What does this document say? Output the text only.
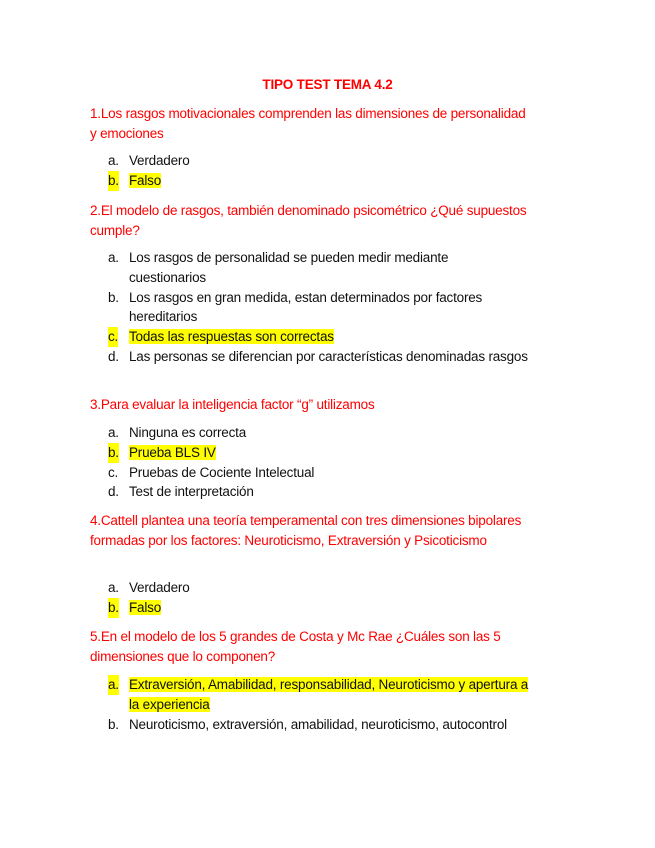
TIPO TEST TEMA 4.2
1.Los rasgos motivacionales comprenden las dimensiones de personalidad y emociones
a. Verdadero
b. Falso
2.El modelo de rasgos, también denominado psicométrico ¿Qué supuestos cumple?
a. Los rasgos de personalidad se pueden medir mediante cuestionarios
b. Los rasgos en gran medida, estan determinados por factores hereditarios
c. Todas las respuestas son correctas
d. Las personas se diferencian por características denominadas rasgos
3.Para evaluar la inteligencia factor “g” utilizamos
a. Ninguna es correcta
b. Prueba BLS IV
c. Pruebas de Cociente Intelectual
d. Test de interpretación
4.Cattell plantea una teoría temperamental con tres dimensiones bipolares formadas por los factores: Neuroticismo, Extraversión y Psicoticismo
a. Verdadero
b. Falso
5.En el modelo de los 5 grandes de Costa y Mc Rae ¿Cuáles son las 5 dimensiones que lo componen?
a. Extraversión, Amabilidad, responsabilidad, Neuroticismo y apertura a la experiencia
b. Neuroticismo, extraversión, amabilidad, neuroticismo, autocontrol
